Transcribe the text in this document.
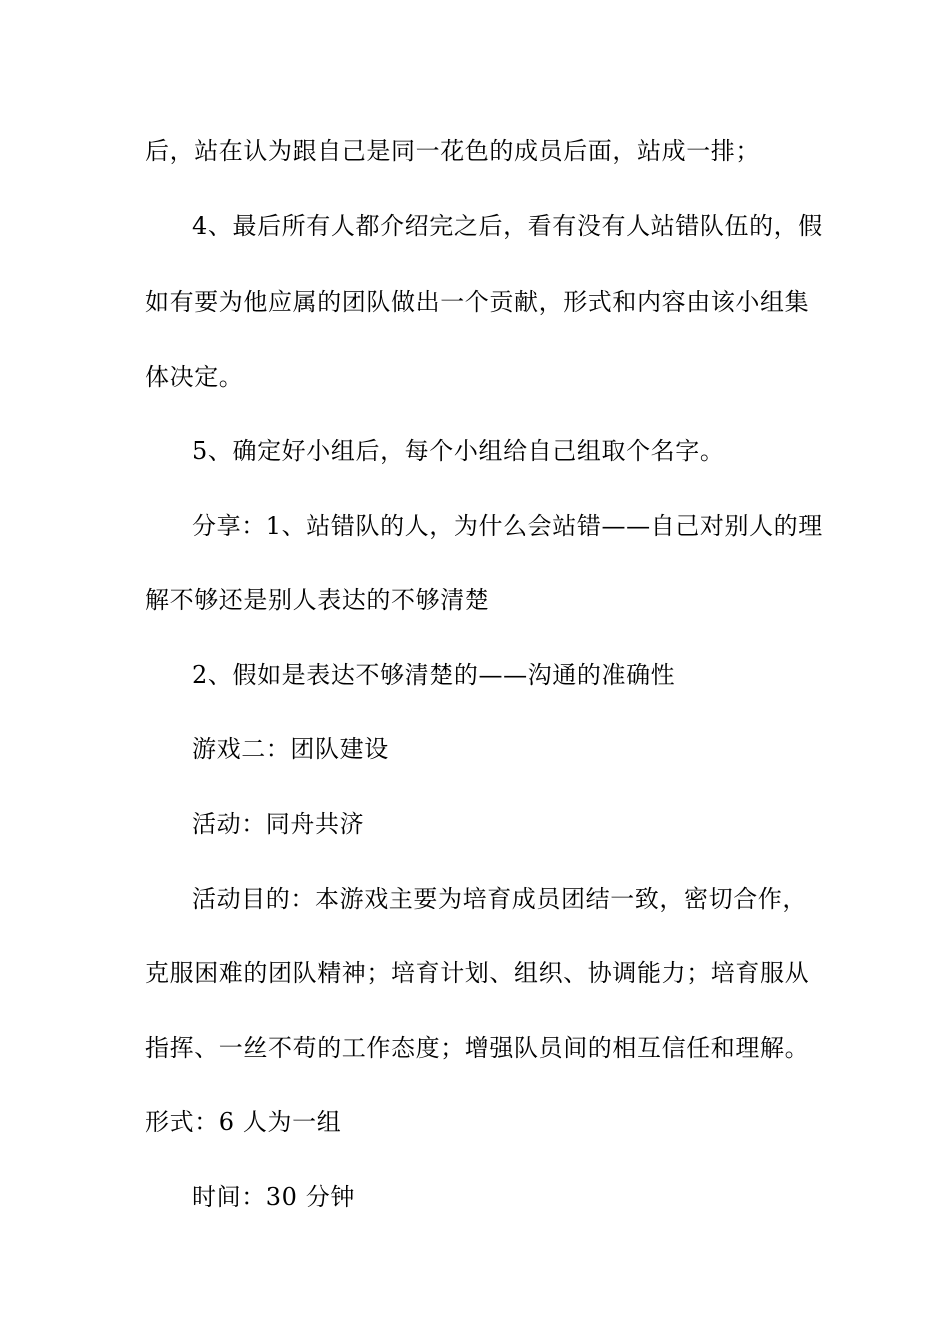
后，站在认为跟自己是同一花色的成员后面，站成一排；
4、最后所有人都介绍完之后，看有没有人站错队伍的，假
如有要为他应属的团队做出一个贡献，形式和内容由该小组集
体决定。
5、确定好小组后，每个小组给自己组取个名字。
分享：1、站错队的人，为什么会站错——自己对别人的理
解不够还是别人表达的不够清楚
2、假如是表达不够清楚的——沟通的准确性
游戏二：团队建设
活动：同舟共济
活动目的：本游戏主要为培育成员团结一致，密切合作，
克服困难的团队精神；培育计划、组织、协调能力；培育服从
指挥、一丝不苟的工作态度；增强队员间的相互信任和理解。
形式：6 人为一组
时间：30 分钟
